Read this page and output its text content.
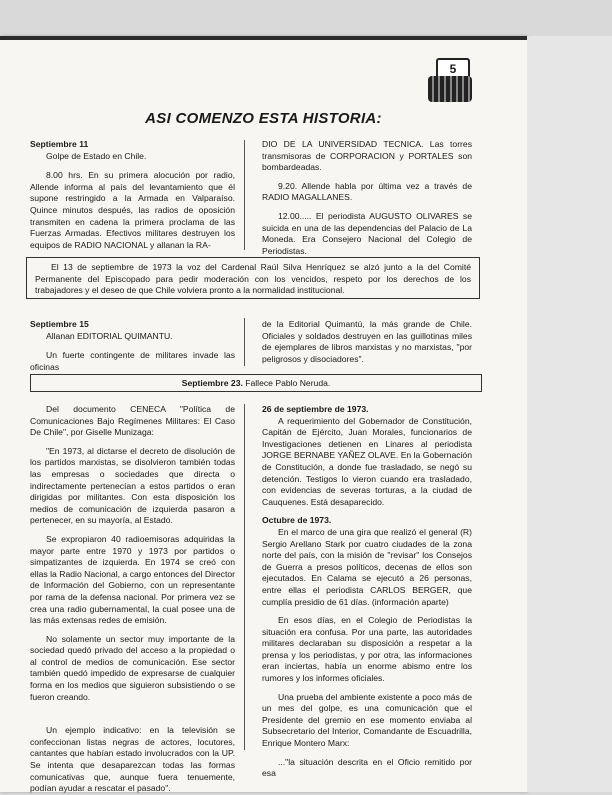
5
ASI COMENZO ESTA HISTORIA:

Septiembre 11

Golpe de Estado en Chile.

8.00 hrs. En su primera alocución por radio, Allende informa al país del levantamiento que él supone restringido a la Armada en Valparaíso. Quince minutos después, las radios de oposición transmiten en cadena la primera proclama de las Fuerzas Armadas. Efectivos militares destruyen los equipos de RADIO NACIONAL y allanan la RA-

DIO DE LA UNIVERSIDAD TECNICA. Las torres transmisoras de CORPORACION y PORTALES son bombardeadas.

9.20. Allende habla por última vez a través de RADIO MAGALLANES.

12.00..... El periodista AUGUSTO OLIVARES se suicida en una de las dependencias del Palacio de La Moneda. Era Consejero Nacional del Colegio de Periodistas.

El 13 de septiembre de 1973 la voz del Cardenal Raúl Silva Henríquez se alzó junto a la del Comité Permanente del Episcopado para pedir moderación con los vencidos, respeto por los derechos de los trabajadores y el deseo de que Chile volviera pronto a la normalidad institucional.

Septiembre 15

Allanan EDITORIAL QUIMANTU.

Un fuerte contingente de militares invade las oficinas

de la Editorial Quimantú, la más grande de Chile. Oficiales y soldados destruyen en las guillotinas miles de ejemplares de libros marxistas y no marxistas, "por peligrosos y disociadores".

Septiembre 23. Fallece Pablo Neruda.

Del documento CENECA "Política de Comunicaciones Bajo Regímenes Militares: El Caso De Chile", por Giselle Munizaga:

"En 1973, al dictarse el decreto de disolución de los partidos marxistas, se disolvieron también todas las empresas o sociedades que directa o indirectamente pertenecían a estos partidos o eran dirigidas por militantes. Con esta disposición los medios de comunicación de izquierda pasaron a pertenecer, en su mayoría, al Estado.

Se expropiaron 40 radioemisoras adquiridas la mayor parte entre 1970 y 1973 por partidos o simpatizantes de izquierda. En 1974 se creó con ellas la Radio Nacional, a cargo entonces del Director de Información del Gobierno, con un representante por rama de la defensa nacional. Por primera vez se crea una radio gubernamental, la cual posee una de las más extensas redes de emisión.

No solamente un sector muy importante de la sociedad quedó privado del acceso a la propiedad o al control de medios de comunicación. Ese sector también quedó impedido de expresarse de cualquier forma en los medios que siguieron subsistiendo o se fueron creando.

Un ejemplo indicativo: en la televisión se confeccionan listas negras de actores, locutores, cantantes que habían estado involucrados con la UP. Se intenta que desaparezcan todas las formas comunicativas que, aunque fuera tenuemente, podían ayudar a rescatar el pasado".

26 de septiembre de 1973.

A requerimiento del Gobernador de Constitución, Capitán de Ejército, Juan Morales, funcionarios de Investigaciones detienen en Linares al periodista JORGE BERNABE YAÑEZ OLAVE. En la Gobernación de Constitución, a donde fue trasladado, se negó su detención. Testigos lo vieron cuando era trasladado, con evidencias de severas torturas, a la ciudad de Cauquenes. Está desaparecido.

Octubre de 1973.

En el marco de una gira que realizó el general (R) Sergio Arellano Stark por cuatro ciudades de la zona norte del país, con la misión de "revisar" los Consejos de Guerra a presos políticos, decenas de ellos son ejecutados. En Calama se ejecutó a 26 personas, entre ellas el periodista CARLOS BERGER, que cumplía presidio de 61 días. (información aparte)

En esos días, en el Colegio de Periodistas la situación era confusa. Por una parte, las autoridades militares declaraban su disposición a respetar a la prensa y los periodistas, y por otra, las informaciones eran inciertas, había un enorme abismo entre los rumores y los informes oficiales.

Una prueba del ambiente existente a poco más de un mes del golpe, es una comunicación que el Presidente del gremio en ese momento enviaba al Subsecretario del Interior, Comandante de Escuadrilla, Enrique Montero Marx:

..."la situación descrita en el Oficio remitido por esa
